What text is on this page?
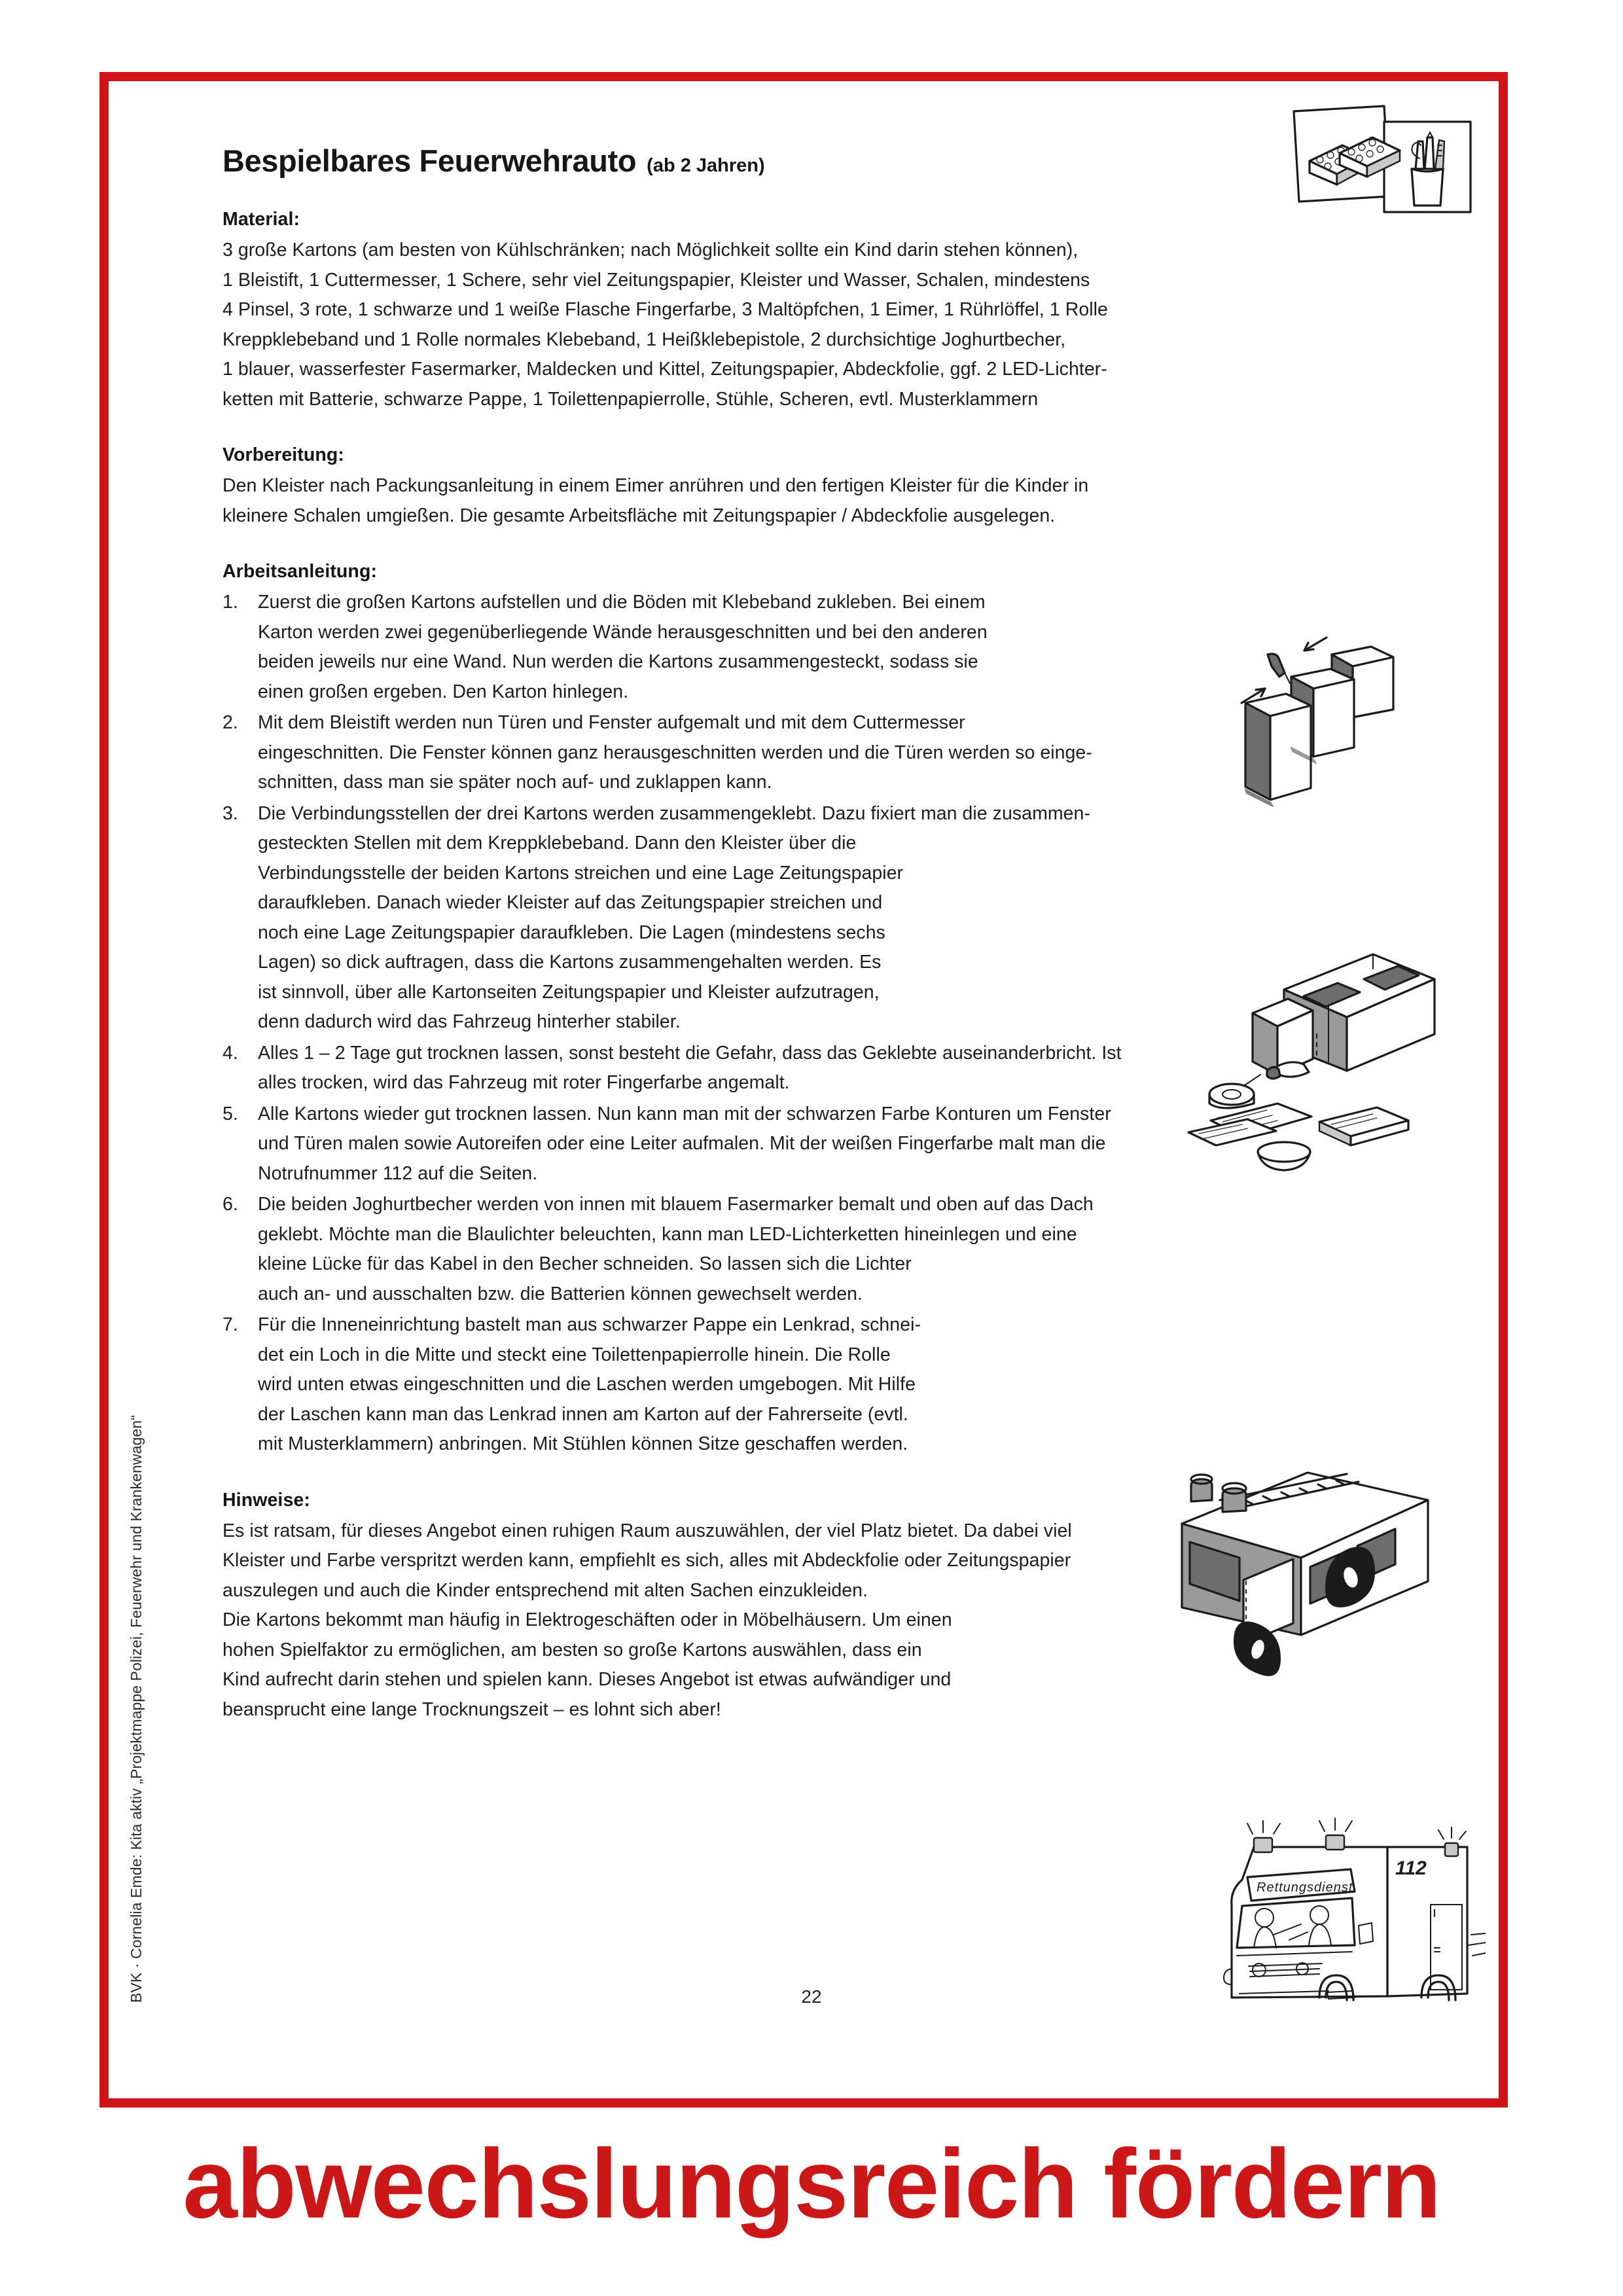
BVK · Cornelia Emde: Kita aktiv „Projektmappe Polizei, Feuerwehr und Krankenwagen“	Rettungsdienst
112
Bespielbares Feuerwehrauto (ab 2 Jahren)
Material:
3 große Kartons (am besten von Kühlschränken; nach Möglichkeit sollte ein Kind darin stehen können),
1 Bleistift, 1 Cuttermesser, 1 Schere, sehr viel Zeitungspapier, Kleister und Wasser, Schalen, mindestens
4 Pinsel, 3 rote, 1 schwarze und 1 weiße Flasche Fingerfarbe, 3 Maltöpfchen, 1 Eimer, 1 Rührlöffel, 1 Rolle
Kreppklebeband und 1 Rolle normales Klebeband, 1 Heißklebepistole, 2 durchsichtige Joghurtbecher,
1 blauer, wasserfester Fasermarker, Maldecken und Kittel, Zeitungspapier, Abdeckfolie, ggf. 2 LED-Lichter-
ketten mit Batterie, schwarze Pappe, 1 Toilettenpapierrolle, Stühle, Scheren, evtl. Musterklammern
Vorbereitung:
Den Kleister nach Packungsanleitung in einem Eimer anrühren und den fertigen Kleister für die Kinder in
kleinere Schalen umgießen. Die gesamte Arbeitsfläche mit Zeitungspapier / Abdeckfolie ausgelegen.
Arbeitsanleitung:
1.	Zuerst die großen Kartons aufstellen und die Böden mit Klebeband zukleben. Bei einem
Karton werden zwei gegenüberliegende Wände herausgeschnitten und bei den anderen
beiden jeweils nur eine Wand. Nun werden die Kartons zusammengesteckt, sodass sie
einen großen ergeben. Den Karton hinlegen.
2.	Mit dem Bleistift werden nun Türen und Fenster aufgemalt und mit dem Cuttermesser
eingeschnitten. Die Fenster können ganz herausgeschnitten werden und die Türen werden so einge-
schnitten, dass man sie später noch auf- und zuklappen kann.
3.	Die Verbindungsstellen der drei Kartons werden zusammengeklebt. Dazu fixiert man die zusammen-
gesteckten Stellen mit dem Kreppklebeband. Dann den Kleister über die
Verbindungsstelle der beiden Kartons streichen und eine Lage Zeitungspapier
daraufkleben. Danach wieder Kleister auf das Zeitungspapier streichen und
noch eine Lage Zeitungspapier daraufkleben. Die Lagen (mindestens sechs
Lagen) so dick auftragen, dass die Kartons zusammengehalten werden. Es
ist sinnvoll, über alle Kartonseiten Zeitungspapier und Kleister aufzutragen,
denn dadurch wird das Fahrzeug hinterher stabiler.
4.	Alles 1 – 2 Tage gut trocknen lassen, sonst besteht die Gefahr, dass das Geklebte auseinanderbricht. Ist
alles trocken, wird das Fahrzeug mit roter Fingerfarbe angemalt.
5.	Alle Kartons wieder gut trocknen lassen. Nun kann man mit der schwarzen Farbe Konturen um Fenster
und Türen malen sowie Autoreifen oder eine Leiter aufmalen. Mit der weißen Fingerfarbe malt man die
Notrufnummer 112 auf die Seiten.
6.	Die beiden Joghurtbecher werden von innen mit blauem Fasermarker bemalt und oben auf das Dach
geklebt. Möchte man die Blaulichter beleuchten, kann man LED-Lichterketten hineinlegen und eine
kleine Lücke für das Kabel in den Becher schneiden. So lassen sich die Lichter
auch an- und ausschalten bzw. die Batterien können gewechselt werden.
7.	Für die Inneneinrichtung bastelt man aus schwarzer Pappe ein Lenkrad, schnei-
det ein Loch in die Mitte und steckt eine Toilettenpapierrolle hinein. Die Rolle
wird unten etwas eingeschnitten und die Laschen werden umgebogen. Mit Hilfe
der Laschen kann man das Lenkrad innen am Karton auf der Fahrerseite (evtl.
mit Musterklammern) anbringen. Mit Stühlen können Sitze geschaffen werden.
Hinweise:
Es ist ratsam, für dieses Angebot einen ruhigen Raum auszuwählen, der viel Platz bietet. Da dabei viel
Kleister und Farbe verspritzt werden kann, empfiehlt es sich, alles mit Abdeckfolie oder Zeitungspapier
auszulegen und auch die Kinder entsprechend mit alten Sachen einzukleiden.
Die Kartons bekommt man häufig in Elektrogeschäften oder in Möbelhäusern. Um einen
hohen Spielfaktor zu ermöglichen, am besten so große Kartons auswählen, dass ein
Kind aufrecht darin stehen und spielen kann. Dieses Angebot ist etwas aufwändiger und
beansprucht eine lange Trocknungszeit – es lohnt sich aber!
22
abwechslungsreich fördern
